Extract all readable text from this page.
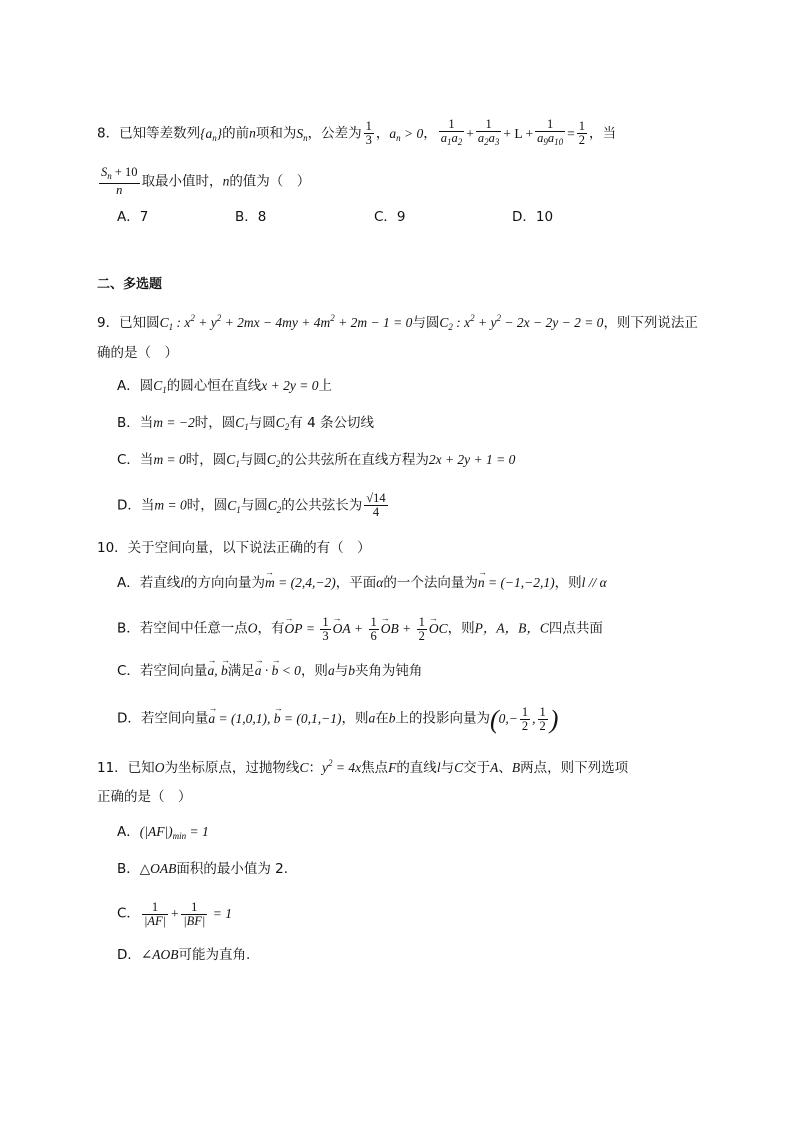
8．已知等差数列$\{a_n\}$的前n项和为$S_n$，公差为 $\frac{1}{3}$ ，$a_n > 0$， $\frac{1}{a_1a_2} + \frac{1}{a_2a_3} + L + \frac{1}{a_9a_{10}} = \frac{1}{2}$ ，当
$\frac{S_n + 10}{n}$ 取最小值时，n的值为（　）
A．7	B．8	C．9	D．10
二、多选题
9．已知圆$C_1$ : $x^2 + y^2 + 2mx - 4my + 4m^2 + 2m - 1 = 0$与圆$C_2$ : $x^2 + y^2 - 2x - 2y - 2 = 0$，则下列说法正
确的是（　）
A．圆$C_1$的圆心恒在直线x + 2y = 0上
B．当m = −2时，圆$C_1$与圆$C_2$有 4 条公切线
C．当m = 0时，圆$C_1$与圆$C_2$的公共弦所在直线方程为2x + 2y + 1 = 0
D．当m = 0时，圆$C_1$与圆$C_2$的公共弦长为 $\frac{√14}{4}$
10．关于空间向量，以下说法正确的有（　）
A．若直线l的方向向量为→ m = (2,4,−2)，平面α的一个法向量为→ n = (−1,−2,1)，则l // α
B．若空间中任意一点O，有→ OP = $\frac{1}{3}$ → OA + $\frac{1}{6}$ → OB + $\frac{1}{2}$ → OC，则P，A，B，C四点共面
C．若空间向量→ a, → b满足→ a · → b < 0，则a与b夹角为钝角
D．若空间向量→ a = (1,0,1), → b = (0,1,−1)，则a在b上的投影向量为($0,- \frac{1}{2}$ , $\frac{1}{2}$ )
11．已知O为坐标原点，过抛物线C：$y^2 = 4x$焦点F的直线l与C交于A、B两点，则下列选项
正确的是（　）
A．$(|AF|)_{min} = 1$
B．△OAB面积的最小值为 2.
C． $\frac{1}{|AF|} + \frac{1}{|BF|} = 1$
D．∠AOB可能为直角.
